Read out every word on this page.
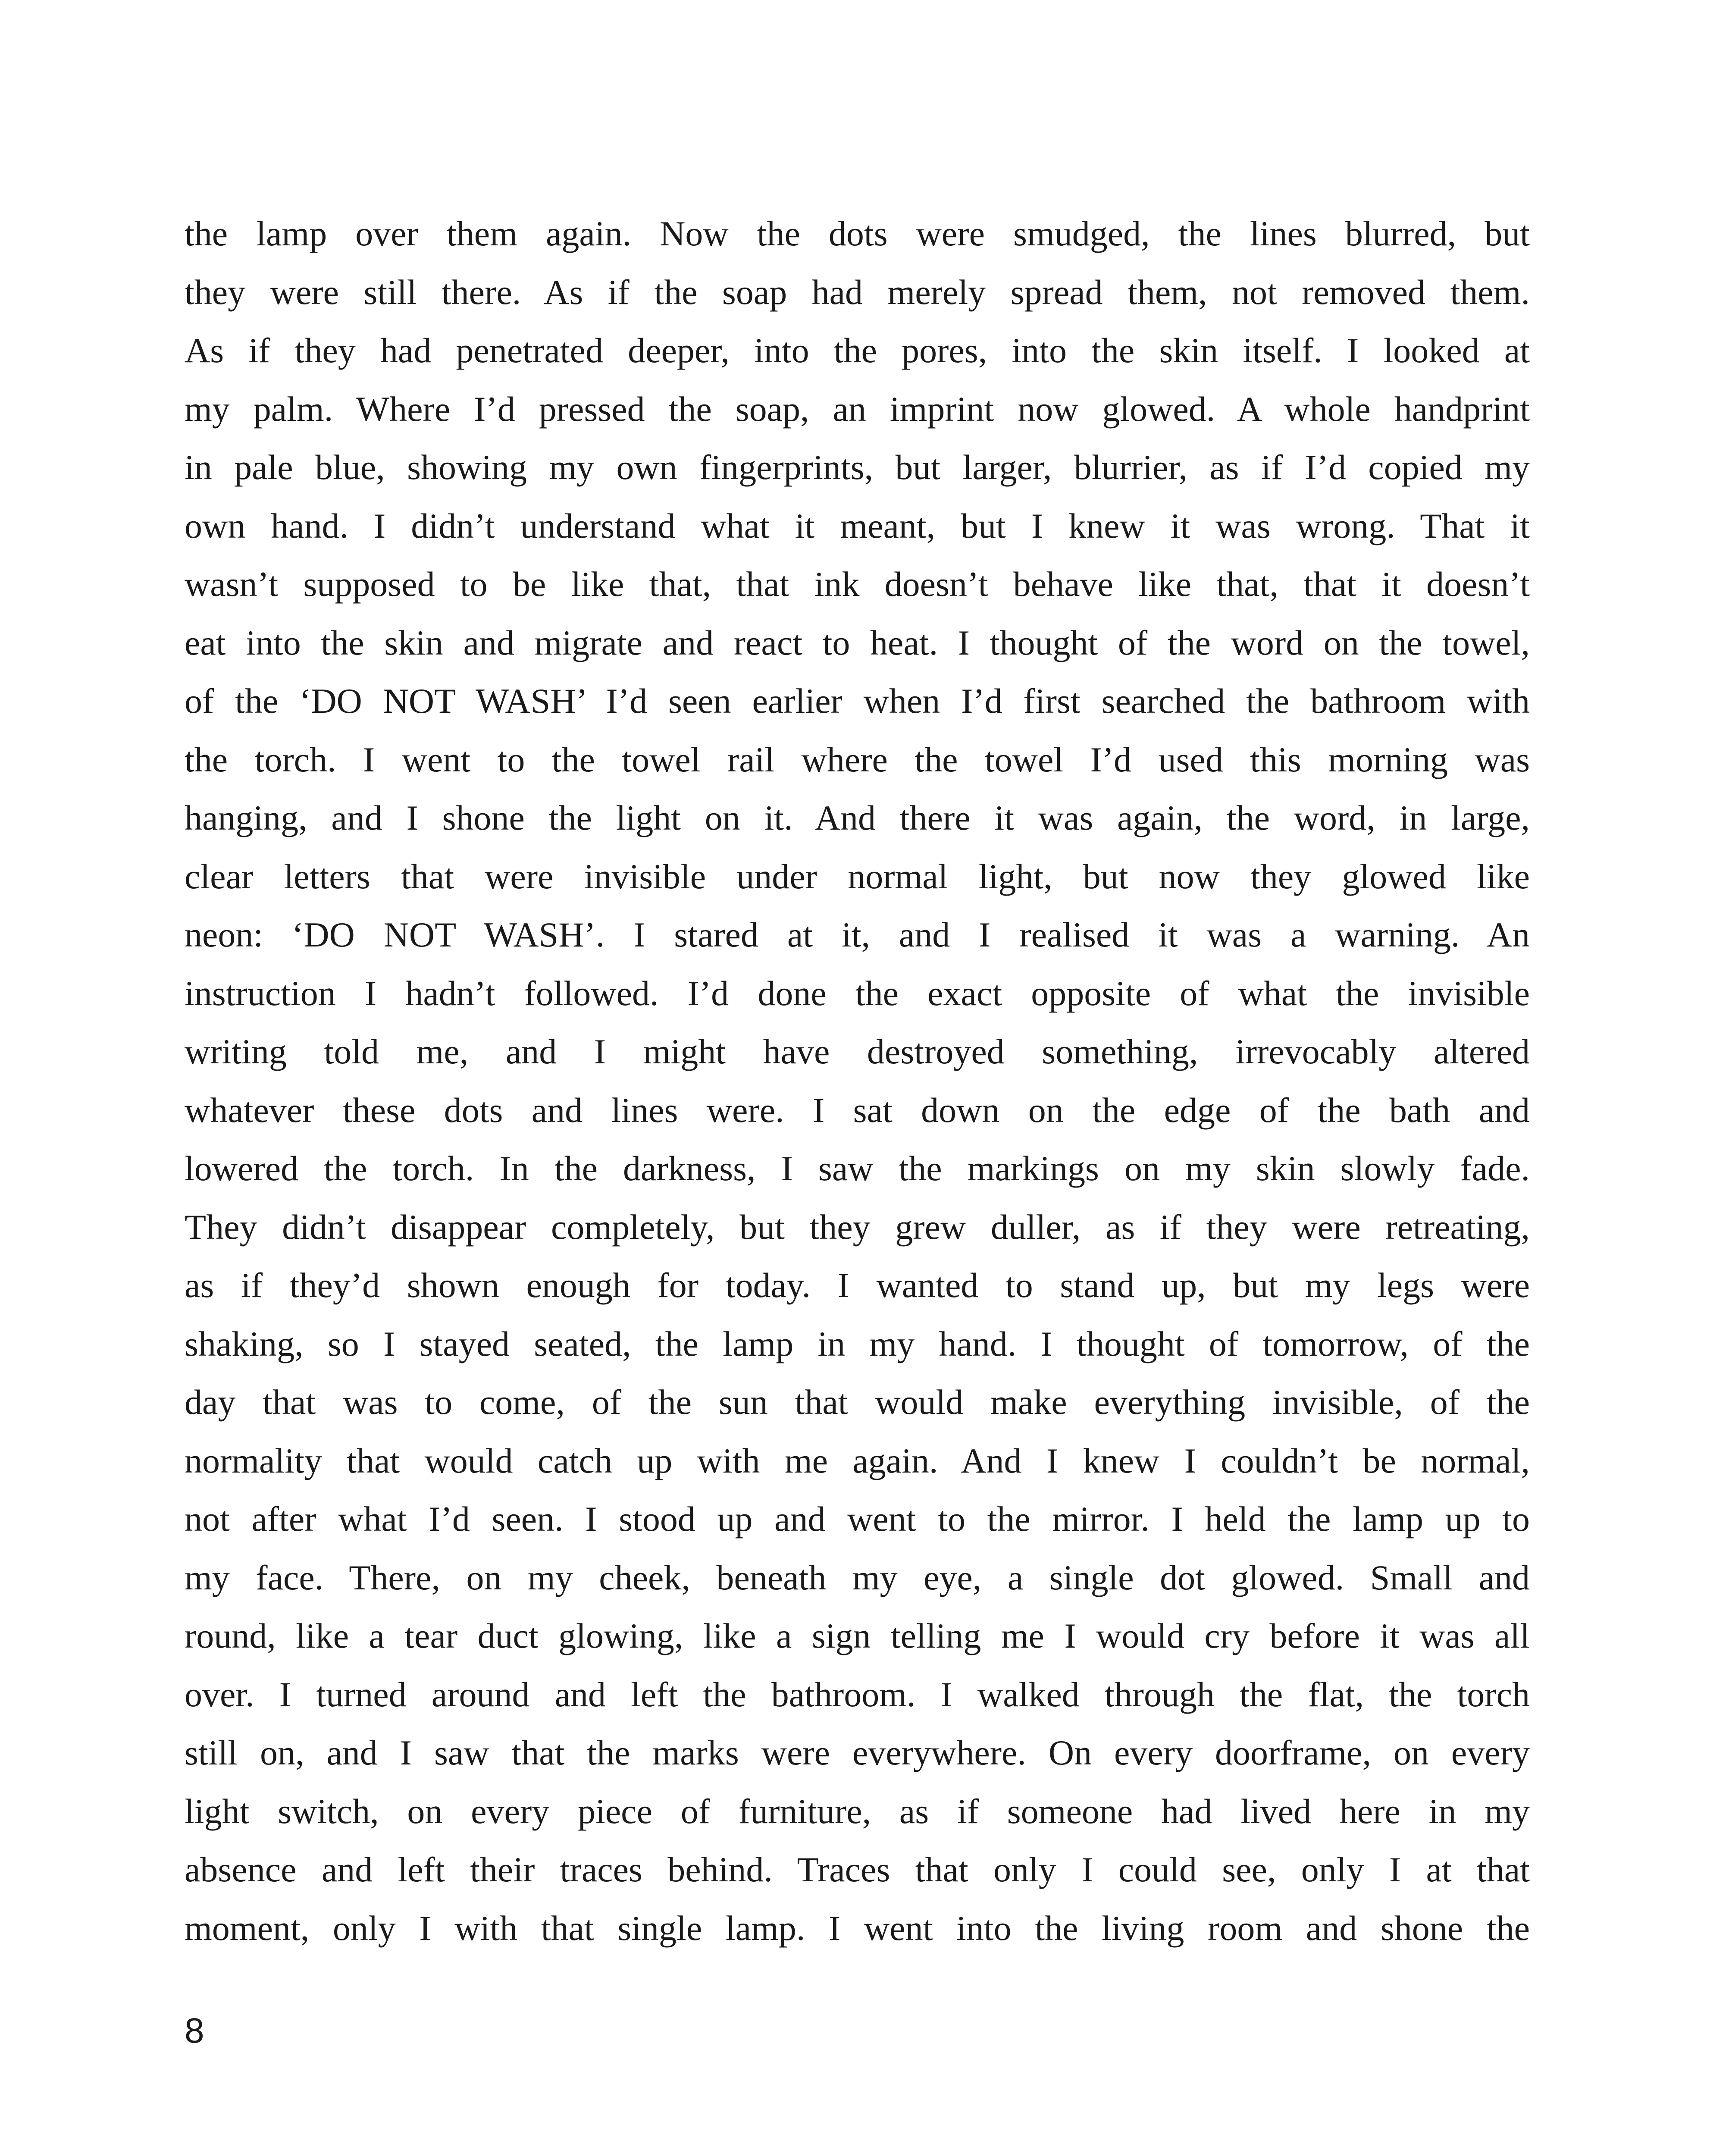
the lamp over them again. Now the dots were smudged, the lines blurred, but
they were still there. As if the soap had merely spread them, not removed them.
As if they had penetrated deeper, into the pores, into the skin itself. I looked at
my palm. Where I’d pressed the soap, an imprint now glowed. A whole handprint
in pale blue, showing my own fingerprints, but larger, blurrier, as if I’d copied my
own hand. I didn’t understand what it meant, but I knew it was wrong. That it
wasn’t supposed to be like that, that ink doesn’t behave like that, that it doesn’t
eat into the skin and migrate and react to heat. I thought of the word on the towel,
of the ‘DO NOT WASH’ I’d seen earlier when I’d first searched the bathroom with
the torch. I went to the towel rail where the towel I’d used this morning was
hanging, and I shone the light on it. And there it was again, the word, in large,
clear letters that were invisible under normal light, but now they glowed like
neon: ‘DO NOT WASH’. I stared at it, and I realised it was a warning. An
instruction I hadn’t followed. I’d done the exact opposite of what the invisible
writing told me, and I might have destroyed something, irrevocably altered
whatever these dots and lines were. I sat down on the edge of the bath and
lowered the torch. In the darkness, I saw the markings on my skin slowly fade.
They didn’t disappear completely, but they grew duller, as if they were retreating,
as if they’d shown enough for today. I wanted to stand up, but my legs were
shaking, so I stayed seated, the lamp in my hand. I thought of tomorrow, of the
day that was to come, of the sun that would make everything invisible, of the
normality that would catch up with me again. And I knew I couldn’t be normal,
not after what I’d seen. I stood up and went to the mirror. I held the lamp up to
my face. There, on my cheek, beneath my eye, a single dot glowed. Small and
round, like a tear duct glowing, like a sign telling me I would cry before it was all
over. I turned around and left the bathroom. I walked through the flat, the torch
still on, and I saw that the marks were everywhere. On every doorframe, on every
light switch, on every piece of furniture, as if someone had lived here in my
absence and left their traces behind. Traces that only I could see, only I at that
moment, only I with that single lamp. I went into the living room and shone the
8
